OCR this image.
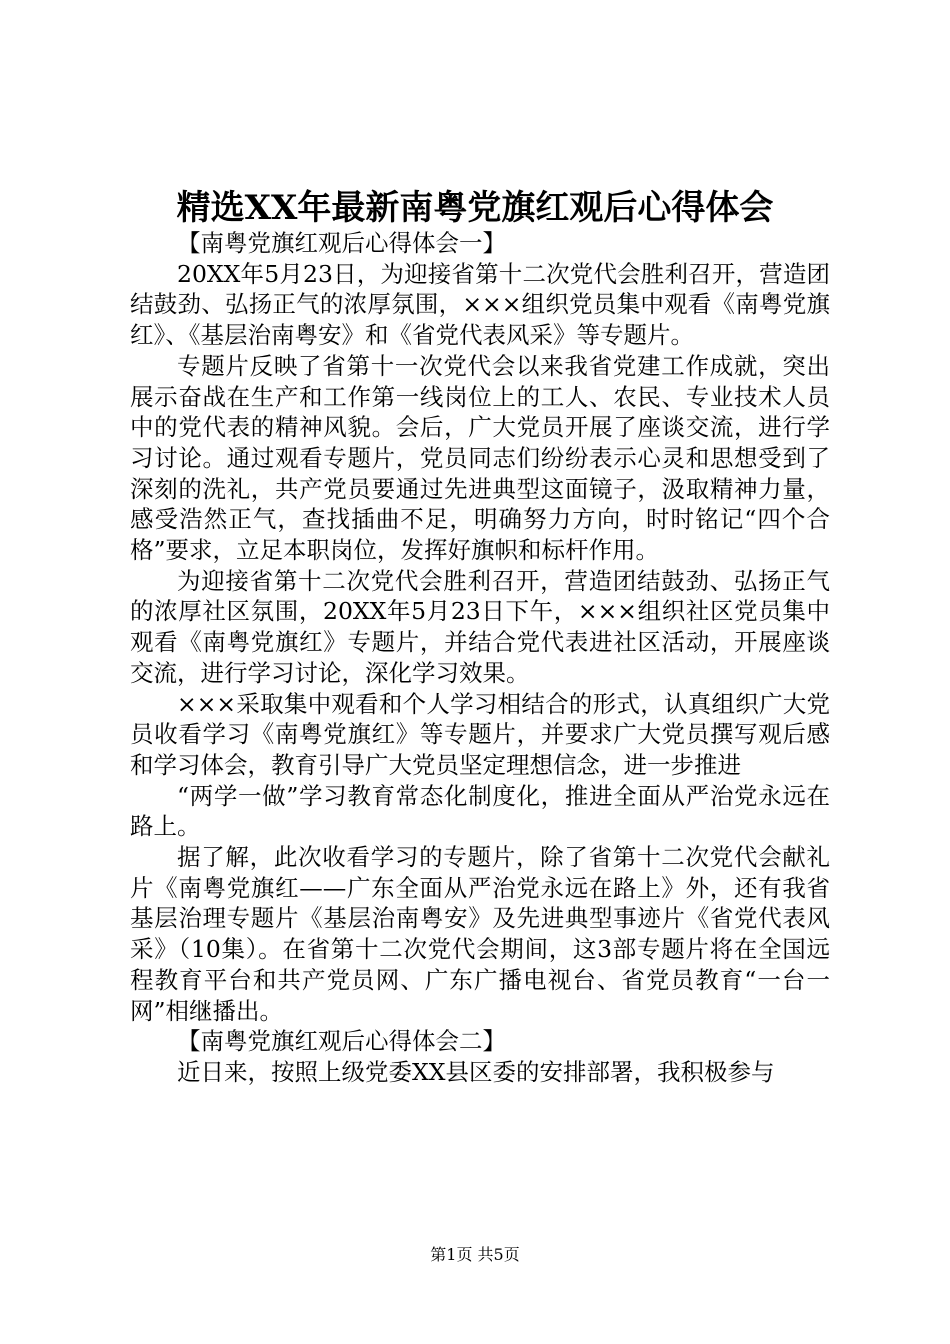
精选XX年最新南粤党旗红观后心得体会

【南粤党旗红观后心得体会一】

20XX年5月23日，为迎接省第十二次党代会胜利召开，营造团结鼓劲、弘扬正气的浓厚氛围，×××组织党员集中观看《南粤党旗红》、《基层治南粤安》和《省党代表风采》等专题片。

专题片反映了省第十一次党代会以来我省党建工作成就，突出展示奋战在生产和工作第一线岗位上的工人、农民、专业技术人员中的党代表的精神风貌。会后，广大党员开展了座谈交流，进行学习讨论。通过观看专题片，党员同志们纷纷表示心灵和思想受到了深刻的洗礼，共产党员要通过先进典型这面镜子，汲取精神力量，感受浩然正气，查找插曲不足，明确努力方向，时时铭记“四个合格”要求，立足本职岗位，发挥好旗帜和标杆作用。

为迎接省第十二次党代会胜利召开，营造团结鼓劲、弘扬正气的浓厚社区氛围，20XX年5月23日下午，×××组织社区党员集中观看《南粤党旗红》专题片，并结合党代表进社区活动，开展座谈交流，进行学习讨论，深化学习效果。

×××采取集中观看和个人学习相结合的形式，认真组织广大党员收看学习《南粤党旗红》等专题片，并要求广大党员撰写观后感和学习体会，教育引导广大党员坚定理想信念，进一步推进

“两学一做”学习教育常态化制度化，推进全面从严治党永远在路上。

据了解，此次收看学习的专题片，除了省第十二次党代会献礼片《南粤党旗红——广东全面从严治党永远在路上》外，还有我省基层治理专题片《基层治南粤安》及先进典型事迹片《省党代表风采》（10集）。在省第十二次党代会期间，这3部专题片将在全国远程教育平台和共产党员网、广东广播电视台、省党员教育“一台一网”相继播出。

【南粤党旗红观后心得体会二】

近日来，按照上级党委XX县区委的安排部署，我积极参与

第1页 共5页
